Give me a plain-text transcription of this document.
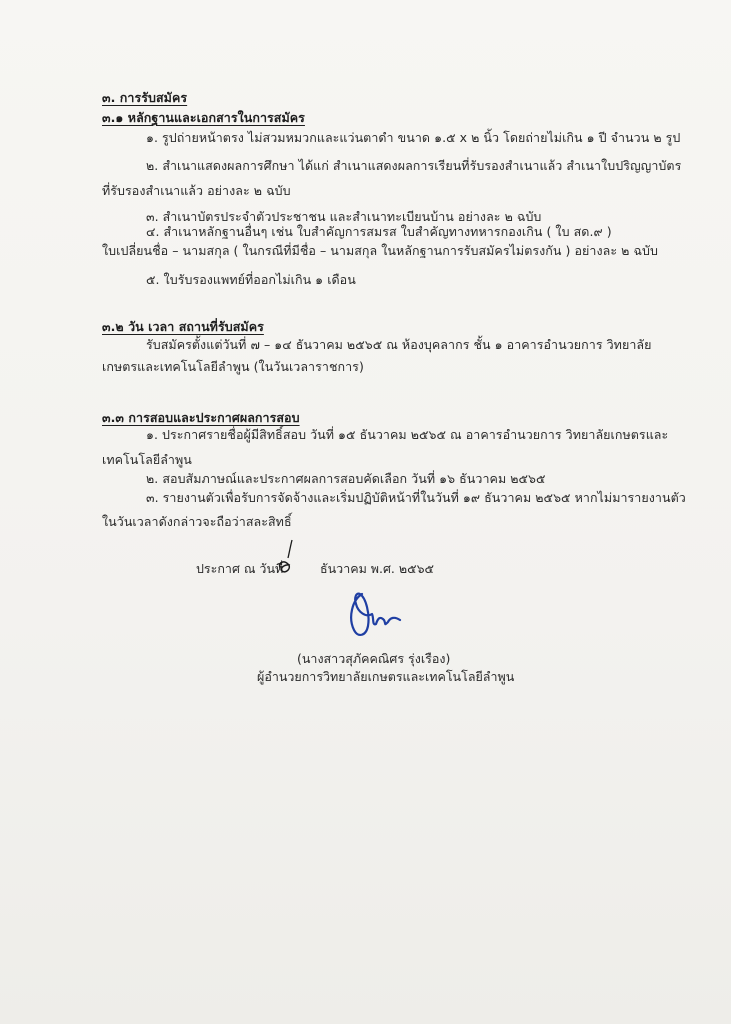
๓. การรับสมัคร
๓.๑ หลักฐานและเอกสารในการสมัคร
๑. รูปถ่ายหน้าตรง ไม่สวมหมวกและแว่นตาดำ ขนาด ๑.๕ x ๒ นิ้ว โดยถ่ายไม่เกิน ๑ ปี จำนวน ๒ รูป
๒. สำเนาแสดงผลการศึกษา ได้แก่ สำเนาแสดงผลการเรียนที่รับรองสำเนาแล้ว สำเนาใบปริญญาบัตร
ที่รับรองสำเนาแล้ว อย่างละ ๒ ฉบับ
๓. สำเนาบัตรประจำตัวประชาชน และสำเนาทะเบียนบ้าน อย่างละ ๒ ฉบับ
๔. สำเนาหลักฐานอื่นๆ เช่น ใบสำคัญการสมรส ใบสำคัญทางทหารกองเกิน ( ใบ สด.๙ )
ใบเปลี่ยนชื่อ – นามสกุล ( ในกรณีที่มีชื่อ – นามสกุล ในหลักฐานการรับสมัครไม่ตรงกัน ) อย่างละ ๒ ฉบับ
๕. ใบรับรองแพทย์ที่ออกไม่เกิน ๑ เดือน
๓.๒ วัน เวลา สถานที่รับสมัคร
รับสมัครตั้งแต่วันที่ ๗ – ๑๔ ธันวาคม ๒๕๖๕ ณ ห้องบุคลากร ชั้น ๑ อาคารอำนวยการ วิทยาลัย
เกษตรและเทคโนโลยีลำพูน (ในวันเวลาราชการ)
๓.๓ การสอบและประกาศผลการสอบ
๑. ประกาศรายชื่อผู้มีสิทธิ์สอบ วันที่ ๑๕ ธันวาคม ๒๕๖๕ ณ อาคารอำนวยการ วิทยาลัยเกษตรและ
เทคโนโลยีลำพูน
๒. สอบสัมภาษณ์และประกาศผลการสอบคัดเลือก วันที่ ๑๖ ธันวาคม ๒๕๖๕
๓. รายงานตัวเพื่อรับการจัดจ้างและเริ่มปฏิบัติหน้าที่ในวันที่ ๑๙ ธันวาคม ๒๕๖๕ หากไม่มารายงานตัว
ในวันเวลาดังกล่าวจะถือว่าสละสิทธิ์
ประกาศ ณ วันที่	ธันวาคม พ.ศ. ๒๕๖๕
(นางสาวสุภัคคณิศร รุ่งเรือง)
ผู้อำนวยการวิทยาลัยเกษตรและเทคโนโลยีลำพูน
